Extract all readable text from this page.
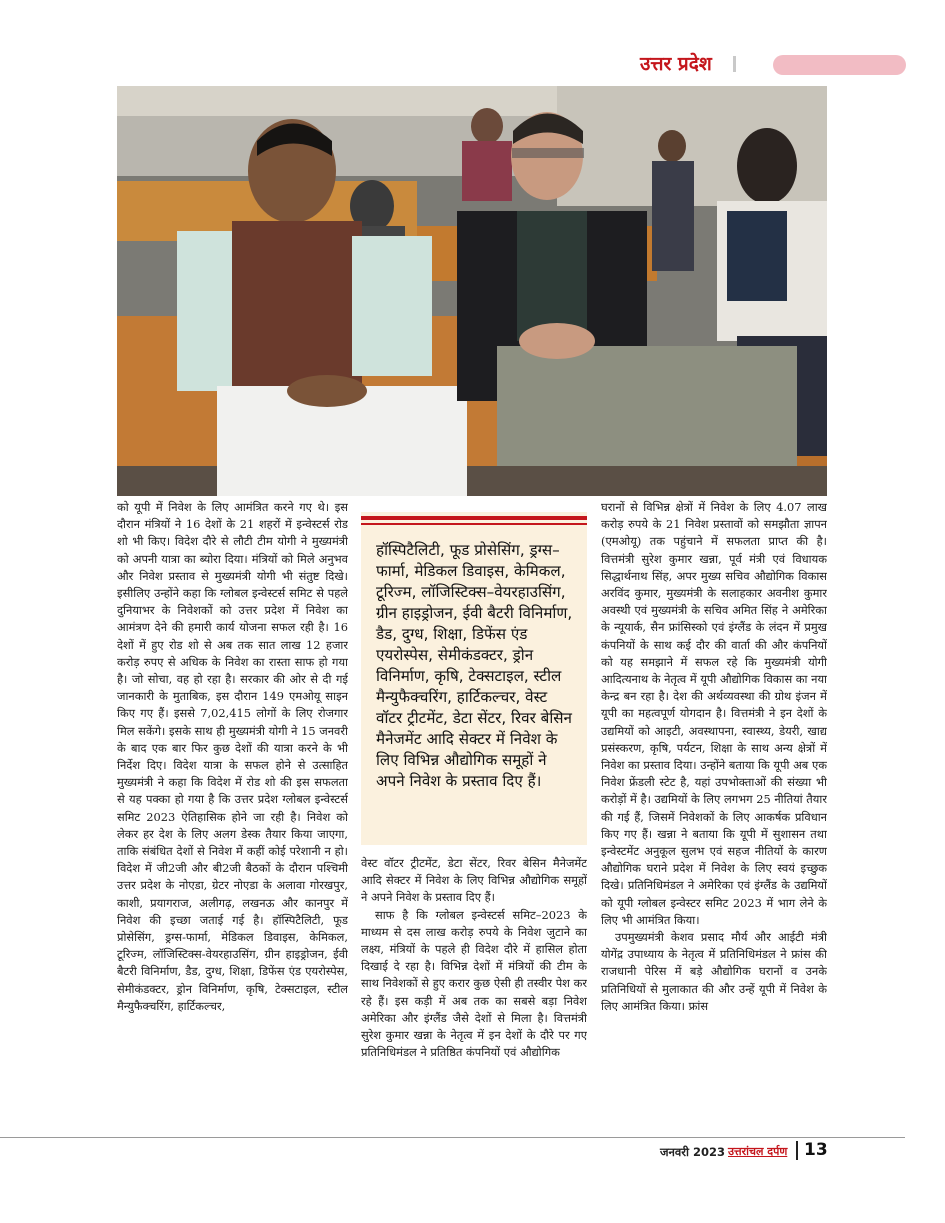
उत्तर प्रदेश

को यूपी में निवेश के लिए आमंत्रित करने गए थे। इस दौरान मंत्रियों ने 16 देशों के 21 शहरों में इन्वेस्टर्स रोड शो भी किए। विदेश दौरे से लौटी टीम योगी ने मुख्यमंत्री को अपनी यात्रा का ब्योरा दिया। मंत्रियों को मिले अनुभव और निवेश प्रस्ताव से मुख्यमंत्री योगी भी संतुष्ट दिखे। इसीलिए उन्होंने कहा कि ग्लोबल इन्वेस्टर्स समिट से पहले दुनियाभर के निवेशकों को उत्तर प्रदेश में निवेश का आमंत्रण देने की हमारी कार्य योजना सफल रही है। 16 देशों में हुए रोड शो से अब तक सात लाख 12 हजार करोड़ रुपए से अधिक के निवेश का रास्ता साफ हो गया है। जो सोचा, वह हो रहा है। सरकार की ओर से दी गई जानकारी के मुताबिक, इस दौरान 149 एमओयू साइन किए गए हैं। इससे 7,02,415 लोगों के लिए रोजगार मिल सकेंगे। इसके साथ ही मुख्यमंत्री योगी ने 15 जनवरी के बाद एक बार फिर कुछ देशों की यात्रा करने के भी निर्देश दिए। विदेश यात्रा के सफल होने से उत्साहित मुख्यमंत्री ने कहा कि विदेश में रोड शो की इस सफलता से यह पक्का हो गया है कि उत्तर प्रदेश ग्लोबल इन्वेस्टर्स समिट 2023 ऐतिहासिक होने जा रही है। निवेश को लेकर हर देश के लिए अलग डेस्क तैयार किया जाएगा, ताकि संबंधित देशों से निवेश में कहीं कोई परेशानी न हो। विदेश में जी2जी और बी2जी बैठकों के दौरान पश्चिमी उत्तर प्रदेश के नोएडा, ग्रेटर नोएडा के अलावा गोरखपुर, काशी, प्रयागराज, अलीगढ़, लखनऊ और कानपुर में निवेश की इच्छा जताई गई है। हॉस्पिटैलिटी, फूड प्रोसेसिंग, ड्रग्स-फार्मा, मेडिकल डिवाइस, केमिकल, टूरिज्म, लॉजिस्टिक्स-वेयरहाउसिंग, ग्रीन हाइड्रोजन, ईवी बैटरी विनिर्माण, डैड, दुग्ध, शिक्षा, डिफेंस एंड एयरोस्पेस, सेमीकंडक्टर, ड्रोन विनिर्माण, कृषि, टेक्सटाइल, स्टील मैन्युफैक्चरिंग, हार्टिकल्चर,

हॉस्पिटैलिटी, फूड प्रोसेसिंग, ड्रग्स–फार्मा, मेडिकल डिवाइस, केमिकल, टूरिज्म, लॉजिस्टिक्स–वेयरहाउसिंग, ग्रीन हाइड्रोजन, ईवी बैटरी विनिर्माण, डैड, दुग्ध, शिक्षा, डिफेंस एंड एयरोस्पेस, सेमीकंडक्टर, ड्रोन विनिर्माण, कृषि, टेक्सटाइल, स्टील मैन्युफैक्चरिंग, हार्टिकल्चर, वेस्ट वॉटर ट्रीटमेंट, डेटा सेंटर, रिवर बेसिन मैनेजमेंट आदि सेक्टर में निवेश के लिए विभिन्न औद्योगिक समूहों ने अपने निवेश के प्रस्ताव दिए हैं।

वेस्ट वॉटर ट्रीटमेंट, डेटा सेंटर, रिवर बेसिन मैनेजमेंट आदि सेक्टर में निवेश के लिए विभिन्न औद्योगिक समूहों ने अपने निवेश के प्रस्ताव दिए हैं।

साफ है कि ग्लोबल इन्वेस्टर्स समिट–2023 के माध्यम से दस लाख करोड़ रुपये के निवेश जुटाने का लक्ष्य, मंत्रियों के पहले ही विदेश दौरे में हासिल होता दिखाई दे रहा है। विभिन्न देशों में मंत्रियों की टीम के साथ निवेशकों से हुए करार कुछ ऐसी ही तस्वीर पेश कर रहे हैं। इस कड़ी में अब तक का सबसे बड़ा निवेश अमेरिका और इंग्लैंड जैसे देशों से मिला है। वित्तमंत्री सुरेश कुमार खन्ना के नेतृत्व में इन देशों के दौरे पर गए प्रतिनिधिमंडल ने प्रतिष्ठित कंपनियों एवं औद्योगिक

घरानों से विभिन्न क्षेत्रों में निवेश के लिए 4.07 लाख करोड़ रुपये के 21 निवेश प्रस्तावों को समझौता ज्ञापन (एमओयू) तक पहुंचाने में सफलता प्राप्त की है। वित्तमंत्री सुरेश कुमार खन्ना, पूर्व मंत्री एवं विधायक सिद्धार्थनाथ सिंह, अपर मुख्य सचिव औद्योगिक विकास अरविंद कुमार, मुख्यमंत्री के सलाहकार अवनीश कुमार अवस्थी एवं मुख्यमंत्री के सचिव अमित सिंह ने अमेरिका के न्यूयार्क, सैन फ्रांसिस्को एवं इंग्लैंड के लंदन में प्रमुख कंपनियों के साथ कई दौर की वार्ता की और कंपनियों को यह समझाने में सफल रहे कि मुख्यमंत्री योगी आदित्यनाथ के नेतृत्व में यूपी औद्योगिक विकास का नया केन्द्र बन रहा है। देश की अर्थव्यवस्था की ग्रोथ इंजन में यूपी का महत्वपूर्ण योगदान है। वित्तमंत्री ने इन देशों के उद्यमियों को आइटी, अवस्थापना, स्वास्थ्य, डेयरी, खाद्य प्रसंस्करण, कृषि, पर्यटन, शिक्षा के साथ अन्य क्षेत्रों में निवेश का प्रस्ताव दिया। उन्होंने बताया कि यूपी अब एक निवेश फ्रेंडली स्टेट है, यहां उपभोक्ताओं की संख्या भी करोड़ों में है। उद्यमियों के लिए लगभग 25 नीतियां तैयार की गई हैं, जिसमें निवेशकों के लिए आकर्षक प्रविधान किए गए हैं। खन्ना ने बताया कि यूपी में सुशासन तथा इन्वेस्टमेंट अनुकूल सुलभ एवं सहज नीतियों के कारण औद्योगिक घराने प्रदेश में निवेश के लिए स्वयं इच्छुक दिखे। प्रतिनिधिमंडल ने अमेरिका एवं इंग्लैंड के उद्यमियों को यूपी ग्लोबल इन्वेस्टर समिट 2023 में भाग लेने के लिए भी आमंत्रित किया।

उपमुख्यमंत्री केशव प्रसाद मौर्य और आईटी मंत्री योगेंद्र उपाध्याय के नेतृत्व में प्रतिनिधिमंडल ने फ्रांस की राजधानी पेरिस में बड़े औद्योगिक घरानों व उनके प्रतिनिधियों से मुलाकात की और उन्हें यूपी में निवेश के लिए आमंत्रित किया। फ्रांस

जनवरी 2023 उत्तरांचल दर्पण 13
